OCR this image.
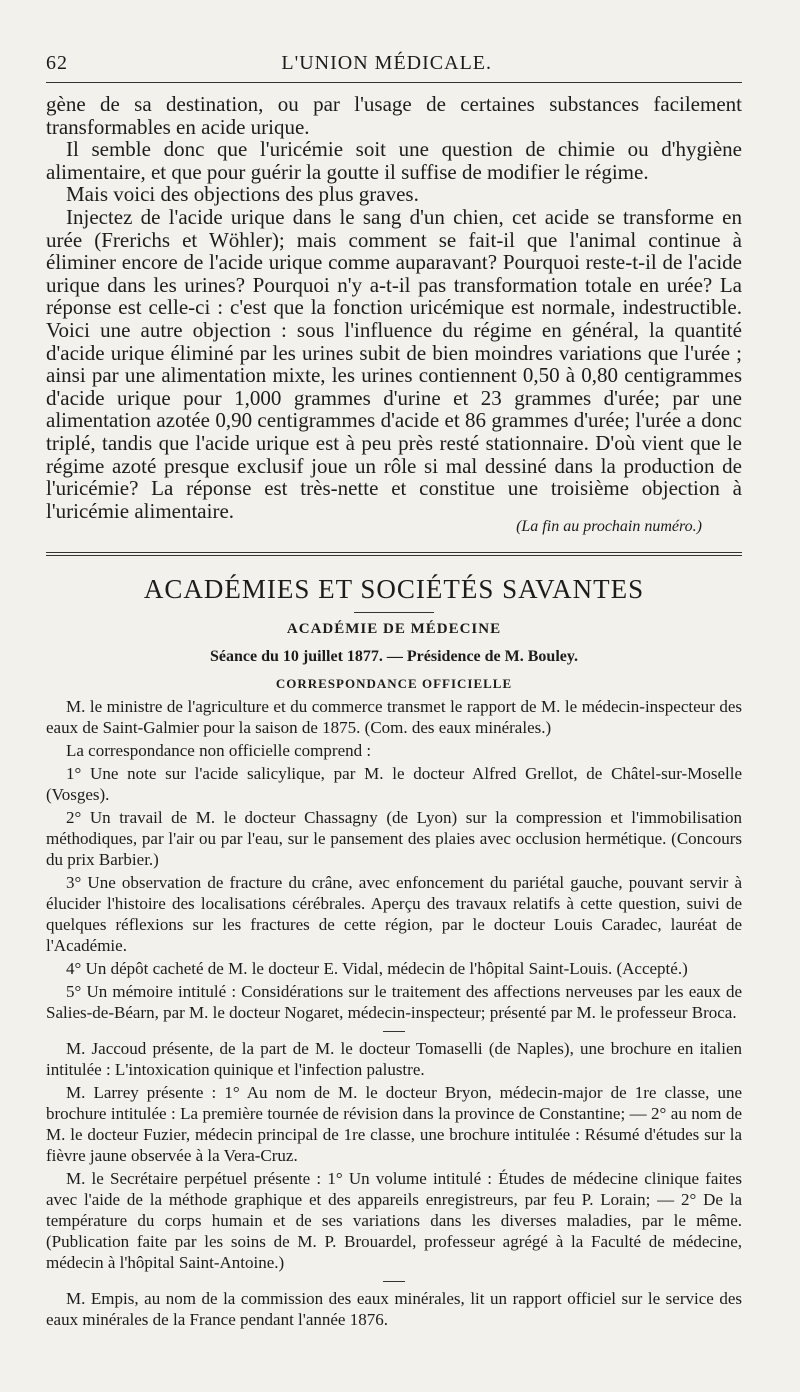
62	L'UNION MÉDICALE.

gène de sa destination, ou par l'usage de certaines substances facilement transformables en acide urique.

Il semble donc que l'uricémie soit une question de chimie ou d'hygiène alimentaire, et que pour guérir la goutte il suffise de modifier le régime.

Mais voici des objections des plus graves.

Injectez de l'acide urique dans le sang d'un chien, cet acide se transforme en urée (Frerichs et Wöhler); mais comment se fait-il que l'animal continue à éliminer encore de l'acide urique comme auparavant? Pourquoi reste-t-il de l'acide urique dans les urines? Pourquoi n'y a-t-il pas transformation totale en urée? La réponse est celle-ci : c'est que la fonction uricémique est normale, indestructible. Voici une autre objection : sous l'influence du régime en général, la quantité d'acide urique éliminé par les urines subit de bien moindres variations que l'urée ; ainsi par une alimentation mixte, les urines contiennent 0,50 à 0,80 centigrammes d'acide urique pour 1,000 grammes d'urine et 23 grammes d'urée; par une alimentation azotée 0,90 centigrammes d'acide et 86 grammes d'urée; l'urée a donc triplé, tandis que l'acide urique est à peu près resté stationnaire. D'où vient que le régime azoté presque exclusif joue un rôle si mal dessiné dans la production de l'uricémie? La réponse est très-nette et constitue une troisième objection à l'uricémie alimentaire.

(La fin au prochain numéro.)
ACADÉMIES ET SOCIÉTÉS SAVANTES
ACADÉMIE DE MÉDECINE
Séance du 10 juillet 1877. — Présidence de M. Bouley.
CORRESPONDANCE OFFICIELLE

M. le ministre de l'agriculture et du commerce transmet le rapport de M. le médecin-inspecteur des eaux de Saint-Galmier pour la saison de 1875. (Com. des eaux minérales.)

La correspondance non officielle comprend :

1° Une note sur l'acide salicylique, par M. le docteur Alfred Grellot, de Châtel-sur-Moselle (Vosges).

2° Un travail de M. le docteur Chassagny (de Lyon) sur la compression et l'immobilisation méthodiques, par l'air ou par l'eau, sur le pansement des plaies avec occlusion hermétique. (Concours du prix Barbier.)

3° Une observation de fracture du crâne, avec enfoncement du pariétal gauche, pouvant servir à élucider l'histoire des localisations cérébrales. Aperçu des travaux relatifs à cette question, suivi de quelques réflexions sur les fractures de cette région, par le docteur Louis Caradec, lauréat de l'Académie.

4° Un dépôt cacheté de M. le docteur E. Vidal, médecin de l'hôpital Saint-Louis. (Accepté.)

5° Un mémoire intitulé : Considérations sur le traitement des affections nerveuses par les eaux de Salies-de-Béarn, par M. le docteur Nogaret, médecin-inspecteur; présenté par M. le professeur Broca.

M. Jaccoud présente, de la part de M. le docteur Tomaselli (de Naples), une brochure en italien intitulée : L'intoxication quinique et l'infection palustre.

M. Larrey présente : 1° Au nom de M. le docteur Bryon, médecin-major de 1re classe, une brochure intitulée : La première tournée de révision dans la province de Constantine; — 2° au nom de M. le docteur Fuzier, médecin principal de 1re classe, une brochure intitulée : Résumé d'études sur la fièvre jaune observée à la Vera-Cruz.

M. le Secrétaire perpétuel présente : 1° Un volume intitulé : Études de médecine clinique faites avec l'aide de la méthode graphique et des appareils enregistreurs, par feu P. Lorain; — 2° De la température du corps humain et de ses variations dans les diverses maladies, par le même. (Publication faite par les soins de M. P. Brouardel, professeur agrégé à la Faculté de médecine, médecin à l'hôpital Saint-Antoine.)

M. Empis, au nom de la commission des eaux minérales, lit un rapport officiel sur le service des eaux minérales de la France pendant l'année 1876.
